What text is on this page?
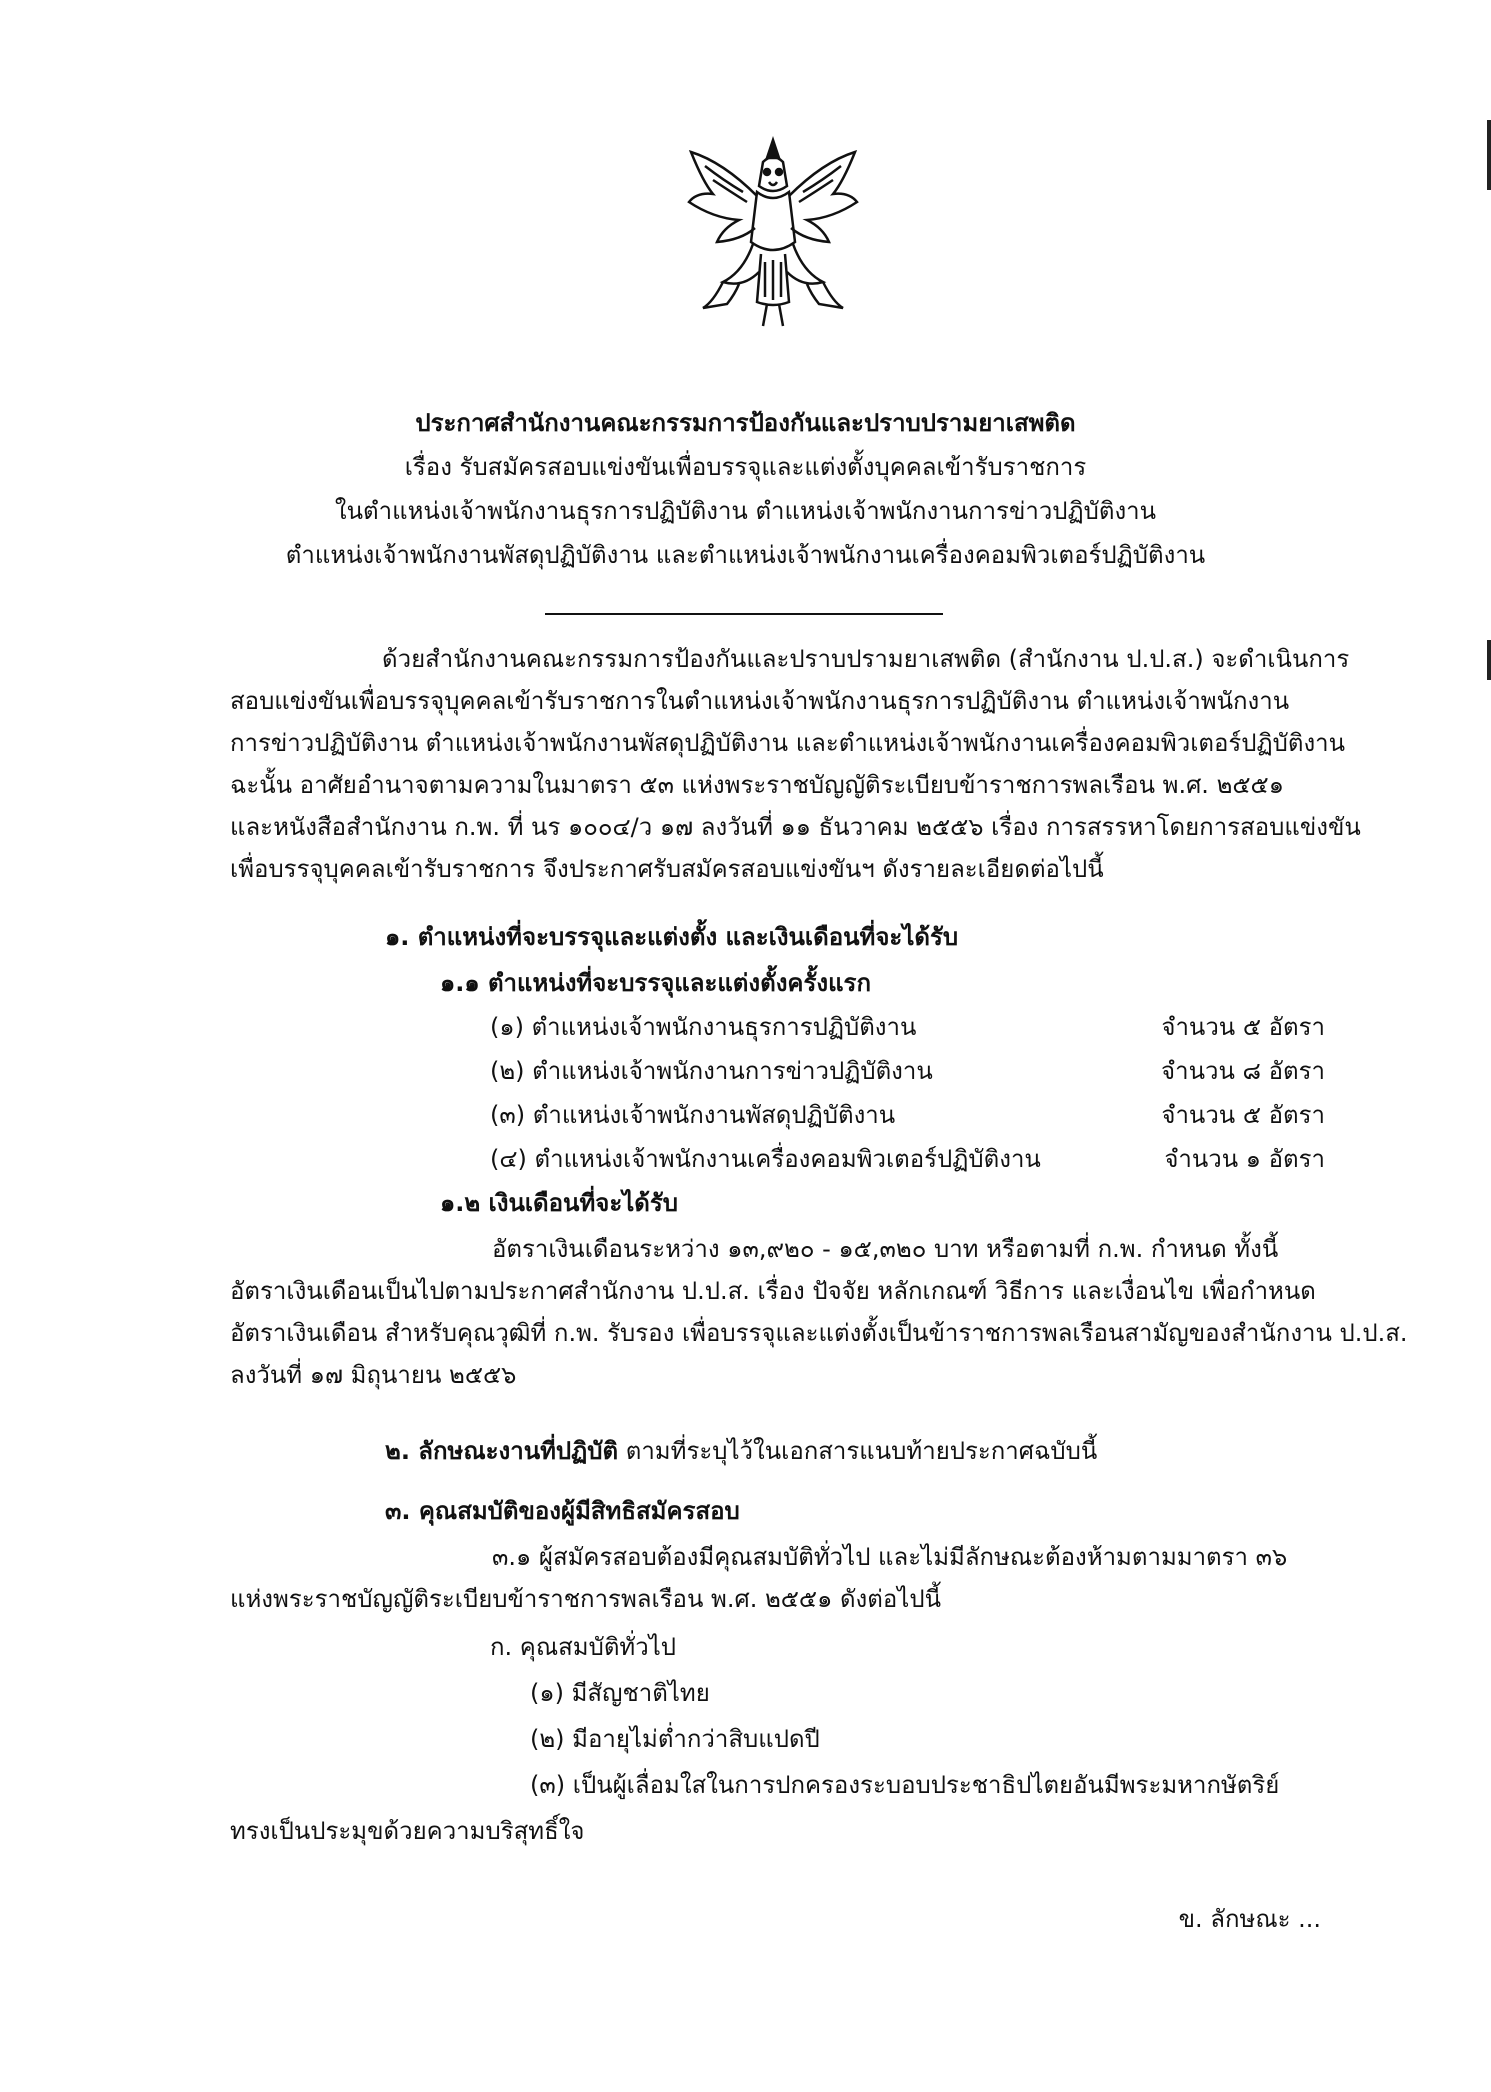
ประกาศสำนักงานคณะกรรมการป้องกันและปราบปรามยาเสพติด

เรื่อง รับสมัครสอบแข่งขันเพื่อบรรจุและแต่งตั้งบุคคลเข้ารับราชการ

ในตำแหน่งเจ้าพนักงานธุรการปฏิบัติงาน ตำแหน่งเจ้าพนักงานการข่าวปฏิบัติงาน

ตำแหน่งเจ้าพนักงานพัสดุปฏิบัติงาน และตำแหน่งเจ้าพนักงานเครื่องคอมพิวเตอร์ปฏิบัติงาน

ด้วยสำนักงานคณะกรรมการป้องกันและปราบปรามยาเสพติด (สำนักงาน ป.ป.ส.) จะดำเนินการ
สอบแข่งขันเพื่อบรรจุบุคคลเข้ารับราชการในตำแหน่งเจ้าพนักงานธุรการปฏิบัติงาน ตำแหน่งเจ้าพนักงาน
การข่าวปฏิบัติงาน ตำแหน่งเจ้าพนักงานพัสดุปฏิบัติงาน และตำแหน่งเจ้าพนักงานเครื่องคอมพิวเตอร์ปฏิบัติงาน
ฉะนั้น อาศัยอำนาจตามความในมาตรา ๕๓ แห่งพระราชบัญญัติระเบียบข้าราชการพลเรือน พ.ศ. ๒๕๕๑
และหนังสือสำนักงาน ก.พ. ที่ นร ๑๐๐๔/ว ๑๗ ลงวันที่ ๑๑ ธันวาคม ๒๕๕๖ เรื่อง การสรรหาโดยการสอบแข่งขัน
เพื่อบรรจุบุคคลเข้ารับราชการ จึงประกาศรับสมัครสอบแข่งขันฯ ดังรายละเอียดต่อไปนี้

๑. ตำแหน่งที่จะบรรจุและแต่งตั้ง และเงินเดือนที่จะได้รับ

๑.๑ ตำแหน่งที่จะบรรจุและแต่งตั้งครั้งแรก

(๑) ตำแหน่งเจ้าพนักงานธุรการปฏิบัติงาน	จำนวน ๕ อัตรา
(๒) ตำแหน่งเจ้าพนักงานการข่าวปฏิบัติงาน	จำนวน ๘ อัตรา
(๓) ตำแหน่งเจ้าพนักงานพัสดุปฏิบัติงาน	จำนวน ๕ อัตรา
(๔) ตำแหน่งเจ้าพนักงานเครื่องคอมพิวเตอร์ปฏิบัติงาน	จำนวน ๑ อัตรา

๑.๒ เงินเดือนที่จะได้รับ

อัตราเงินเดือนระหว่าง ๑๓,๙๒๐ - ๑๕,๓๒๐ บาท หรือตามที่ ก.พ. กำหนด ทั้งนี้
อัตราเงินเดือนเป็นไปตามประกาศสำนักงาน ป.ป.ส. เรื่อง ปัจจัย หลักเกณฑ์ วิธีการ และเงื่อนไข เพื่อกำหนด
อัตราเงินเดือน สำหรับคุณวุฒิที่ ก.พ. รับรอง เพื่อบรรจุและแต่งตั้งเป็นข้าราชการพลเรือนสามัญของสำนักงาน ป.ป.ส.
ลงวันที่ ๑๗ มิถุนายน ๒๕๕๖

๒. ลักษณะงานที่ปฏิบัติ ตามที่ระบุไว้ในเอกสารแนบท้ายประกาศฉบับนี้

๓. คุณสมบัติของผู้มีสิทธิสมัครสอบ

๓.๑ ผู้สมัครสอบต้องมีคุณสมบัติทั่วไป และไม่มีลักษณะต้องห้ามตามมาตรา ๓๖
แห่งพระราชบัญญัติระเบียบข้าราชการพลเรือน พ.ศ. ๒๕๕๑ ดังต่อไปนี้

ก. คุณสมบัติทั่วไป

(๑) มีสัญชาติไทย

(๒) มีอายุไม่ต่ำกว่าสิบแปดปี

(๓) เป็นผู้เลื่อมใสในการปกครองระบอบประชาธิปไตยอันมีพระมหากษัตริย์

ทรงเป็นประมุขด้วยความบริสุทธิ์ใจ

ข. ลักษณะ ...
